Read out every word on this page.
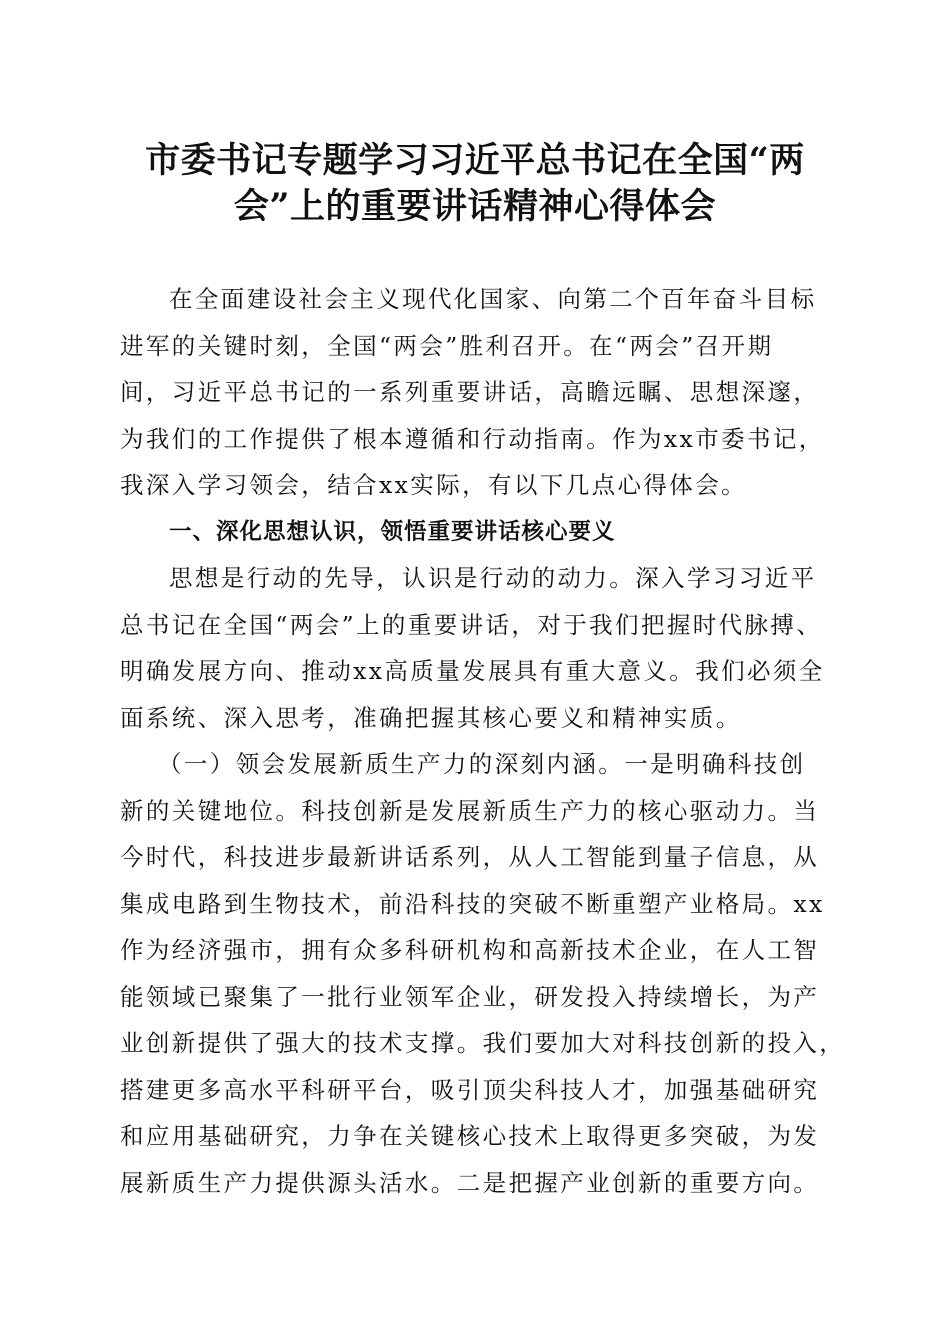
市委书记专题学习习近平总书记在全国“两
会”上的重要讲话精神心得体会
在全面建设社会主义现代化国家、向第二个百年奋斗目标
进军的关键时刻，全国“两会”胜利召开。在“两会”召开期
间，习近平总书记的一系列重要讲话，高瞻远瞩、思想深邃，
为我们的工作提供了根本遵循和行动指南。作为xx市委书记，
我深入学习领会，结合xx实际，有以下几点心得体会。
一、深化思想认识，领悟重要讲话核心要义
思想是行动的先导，认识是行动的动力。深入学习习近平
总书记在全国“两会”上的重要讲话，对于我们把握时代脉搏、
明确发展方向、推动xx高质量发展具有重大意义。我们必须全
面系统、深入思考，准确把握其核心要义和精神实质。
（一）领会发展新质生产力的深刻内涵。一是明确科技创
新的关键地位。科技创新是发展新质生产力的核心驱动力。当
今时代，科技进步最新讲话系列，从人工智能到量子信息，从
集成电路到生物技术，前沿科技的突破不断重塑产业格局。xx
作为经济强市，拥有众多科研机构和高新技术企业，在人工智
能领域已聚集了一批行业领军企业，研发投入持续增长，为产
业创新提供了强大的技术支撑。我们要加大对科技创新的投入，
搭建更多高水平科研平台，吸引顶尖科技人才，加强基础研究
和应用基础研究，力争在关键核心技术上取得更多突破，为发
展新质生产力提供源头活水。二是把握产业创新的重要方向。
